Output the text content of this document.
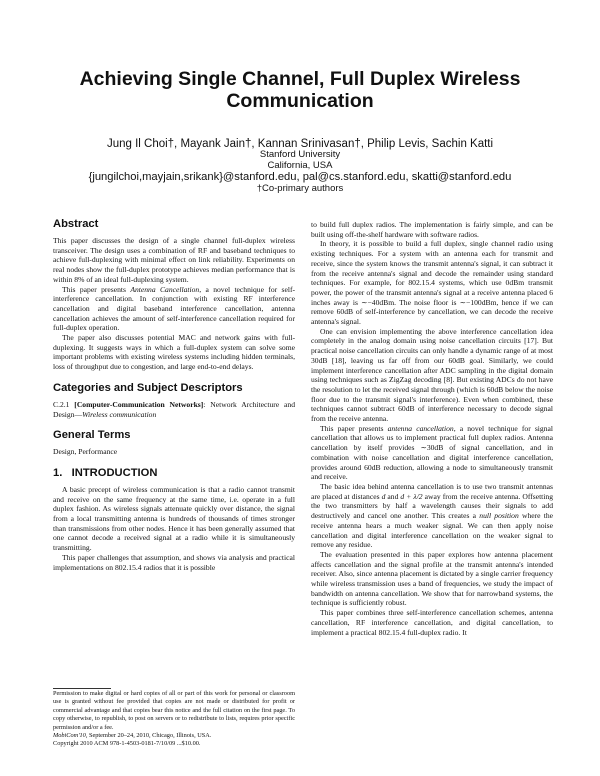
Achieving Single Channel, Full Duplex Wireless Communication
Jung Il Choi†, Mayank Jain†, Kannan Srinivasan†, Philip Levis, Sachin Katti
Stanford University
California, USA
{jungilchoi,mayjain,srikank}@stanford.edu, pal@cs.stanford.edu, skatti@stanford.edu
†Co-primary authors
Abstract

This paper discusses the design of a single channel full-duplex wireless transceiver. The design uses a combination of RF and baseband techniques to achieve full-duplexing with minimal effect on link reliability. Experiments on real nodes show the full-duplex prototype achieves median performance that is within 8% of an ideal full-duplexing system.

This paper presents Antenna Cancellation, a novel technique for self-interference cancellation. In conjunction with existing RF interference cancellation and digital baseband interference cancellation, antenna cancellation achieves the amount of self-interference cancellation required for full-duplex operation.

The paper also discusses potential MAC and network gains with full-duplexing. It suggests ways in which a full-duplex system can solve some important problems with existing wireless systems including hidden terminals, loss of throughput due to congestion, and large end-to-end delays.

Categories and Subject Descriptors

C.2.1 [Computer-Communication Networks]: Network Architecture and Design—Wireless communication

General Terms

Design, Performance

1.   INTRODUCTION

A basic precept of wireless communication is that a radio cannot transmit and receive on the same frequency at the same time, i.e. operate in a full duplex fashion. As wireless signals attenuate quickly over distance, the signal from a local transmitting antenna is hundreds of thousands of times stronger than transmissions from other nodes. Hence it has been generally assumed that one cannot decode a received signal at a radio while it is simultaneously transmitting.

This paper challenges that assumption, and shows via analysis and practical implementations on 802.15.4 radios that it is possible

Permission to make digital or hard copies of all or part of this work for personal or classroom use is granted without fee provided that copies are not made or distributed for profit or commercial advantage and that copies bear this notice and the full citation on the first page. To copy otherwise, to republish, to post on servers or to redistribute to lists, requires prior specific permission and/or a fee.
MobiCom'10, September 20–24, 2010, Chicago, Illinois, USA.
Copyright 2010 ACM 978-1-4503-0181-7/10/09 ...$10.00.

to build full duplex radios. The implementation is fairly simple, and can be built using off-the-shelf hardware with software radios.

In theory, it is possible to build a full duplex, single channel radio using existing techniques. For a system with an antenna each for transmit and receive, since the system knows the transmit antenna's signal, it can subtract it from the receive antenna's signal and decode the remainder using standard techniques. For example, for 802.15.4 systems, which use 0dBm transmit power, the power of the transmit antenna's signal at a receive antenna placed 6 inches away is ∼−40dBm. The noise floor is ∼−100dBm, hence if we can remove 60dB of self-interference by cancellation, we can decode the receive antenna's signal.

One can envision implementing the above interference cancellation idea completely in the analog domain using noise cancellation circuits [17]. But practical noise cancellation circuits can only handle a dynamic range of at most 30dB [18], leaving us far off from our 60dB goal. Similarly, we could implement interference cancellation after ADC sampling in the digital domain using techniques such as ZigZag decoding [8]. But existing ADCs do not have the resolution to let the received signal through (which is 60dB below the noise floor due to the transmit signal's interference). Even when combined, these techniques cannot subtract 60dB of interference necessary to decode signal from the receive antenna.

This paper presents antenna cancellation, a novel technique for signal cancellation that allows us to implement practical full duplex radios. Antenna cancellation by itself provides ∼30dB of signal cancellation, and in combination with noise cancellation and digital interference cancellation, provides around 60dB reduction, allowing a node to simultaneously transmit and receive.

The basic idea behind antenna cancellation is to use two transmit antennas are placed at distances d and d + λ/2 away from the receive antenna. Offsetting the two transmitters by half a wavelength causes their signals to add destructively and cancel one another. This creates a null position where the receive antenna hears a much weaker signal. We can then apply noise cancellation and digital interference cancellation on the weaker signal to remove any residue.

The evaluation presented in this paper explores how antenna placement affects cancellation and the signal profile at the transmit antenna's intended receiver. Also, since antenna placement is dictated by a single carrier frequency while wireless transmission uses a band of frequencies, we study the impact of bandwidth on antenna cancellation. We show that for narrowband systems, the technique is sufficiently robust.

This paper combines three self-interference cancellation schemes, antenna cancellation, RF interference cancellation, and digital cancellation, to implement a practical 802.15.4 full-duplex radio. It
